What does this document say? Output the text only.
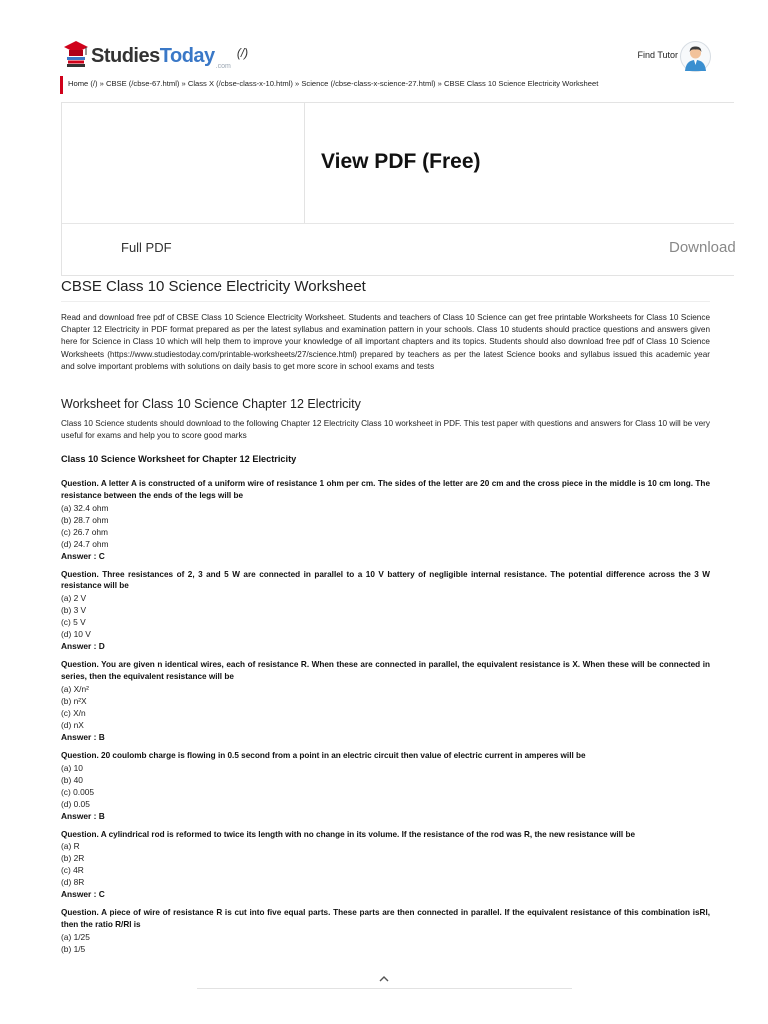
StudiesToday .com
(/)	Find Tutor
Home (/) » CBSE (/cbse-67.html) » Class X (/cbse-class-x-10.html) » Science (/cbse-class-x-science-27.html) » CBSE Class 10 Science Electricity Worksheet
View PDF (Free)
Full PDF	Download
CBSE Class 10 Science Electricity Worksheet

Read and download free pdf of CBSE Class 10 Science Electricity Worksheet. Students and teachers of Class 10 Science can get free printable Worksheets for Class 10 Science Chapter 12 Electricity in PDF format prepared as per the latest syllabus and examination pattern in your schools. Class 10 students should practice questions and answers given here for Science in Class 10 which will help them to improve your knowledge of all important chapters and its topics. Students should also download free pdf of Class 10 Science Worksheets (https://www.studiestoday.com/printable-worksheets/27/science.html) prepared by teachers as per the latest Science books and syllabus issued this academic year and solve important problems with solutions on daily basis to get more score in school exams and tests

Worksheet for Class 10 Science Chapter 12 Electricity

Class 10 Science students should download to the following Chapter 12 Electricity Class 10 worksheet in PDF. This test paper with questions and answers for Class 10 will be very useful for exams and help you to score good marks

Class 10 Science Worksheet for Chapter 12 Electricity
Question. A letter A is constructed of a uniform wire of resistance 1 ohm per cm. The sides of the letter are 20 cm and the cross piece in the middle is 10 cm long. The resistance between the ends of the legs will be
(a) 32.4 ohm
(b) 28.7 ohm
(c) 26.7 ohm
(d) 24.7 ohm
Answer : C
Question. Three resistances of 2, 3 and 5 W are connected in parallel to a 10 V battery of negligible internal resistance. The potential difference across the 3 W resistance will be
(a) 2 V
(b) 3 V
(c) 5 V
(d) 10 V
Answer : D
Question. You are given n identical wires, each of resistance R. When these are connected in parallel, the equivalent resistance is X. When these will be connected in series, then the equivalent resistance will be
(a) X/n²
(b) n²X
(c) X/n
(d) nX
Answer : B
Question. 20 coulomb charge is flowing in 0.5 second from a point in an electric circuit then value of electric current in amperes will be
(a) 10
(b) 40
(c) 0.005
(d) 0.05
Answer : B
Question. A cylindrical rod is reformed to twice its length with no change in its volume. If the resistance of the rod was R, the new resistance will be
(a) R
(b) 2R
(c) 4R
(d) 8R
Answer : C
Question. A piece of wire of resistance R is cut into five equal parts. These parts are then connected in parallel. If the equivalent resistance of this combination isRl, then the ratio R/Rl is
(a) 1/25
(b) 1/5
